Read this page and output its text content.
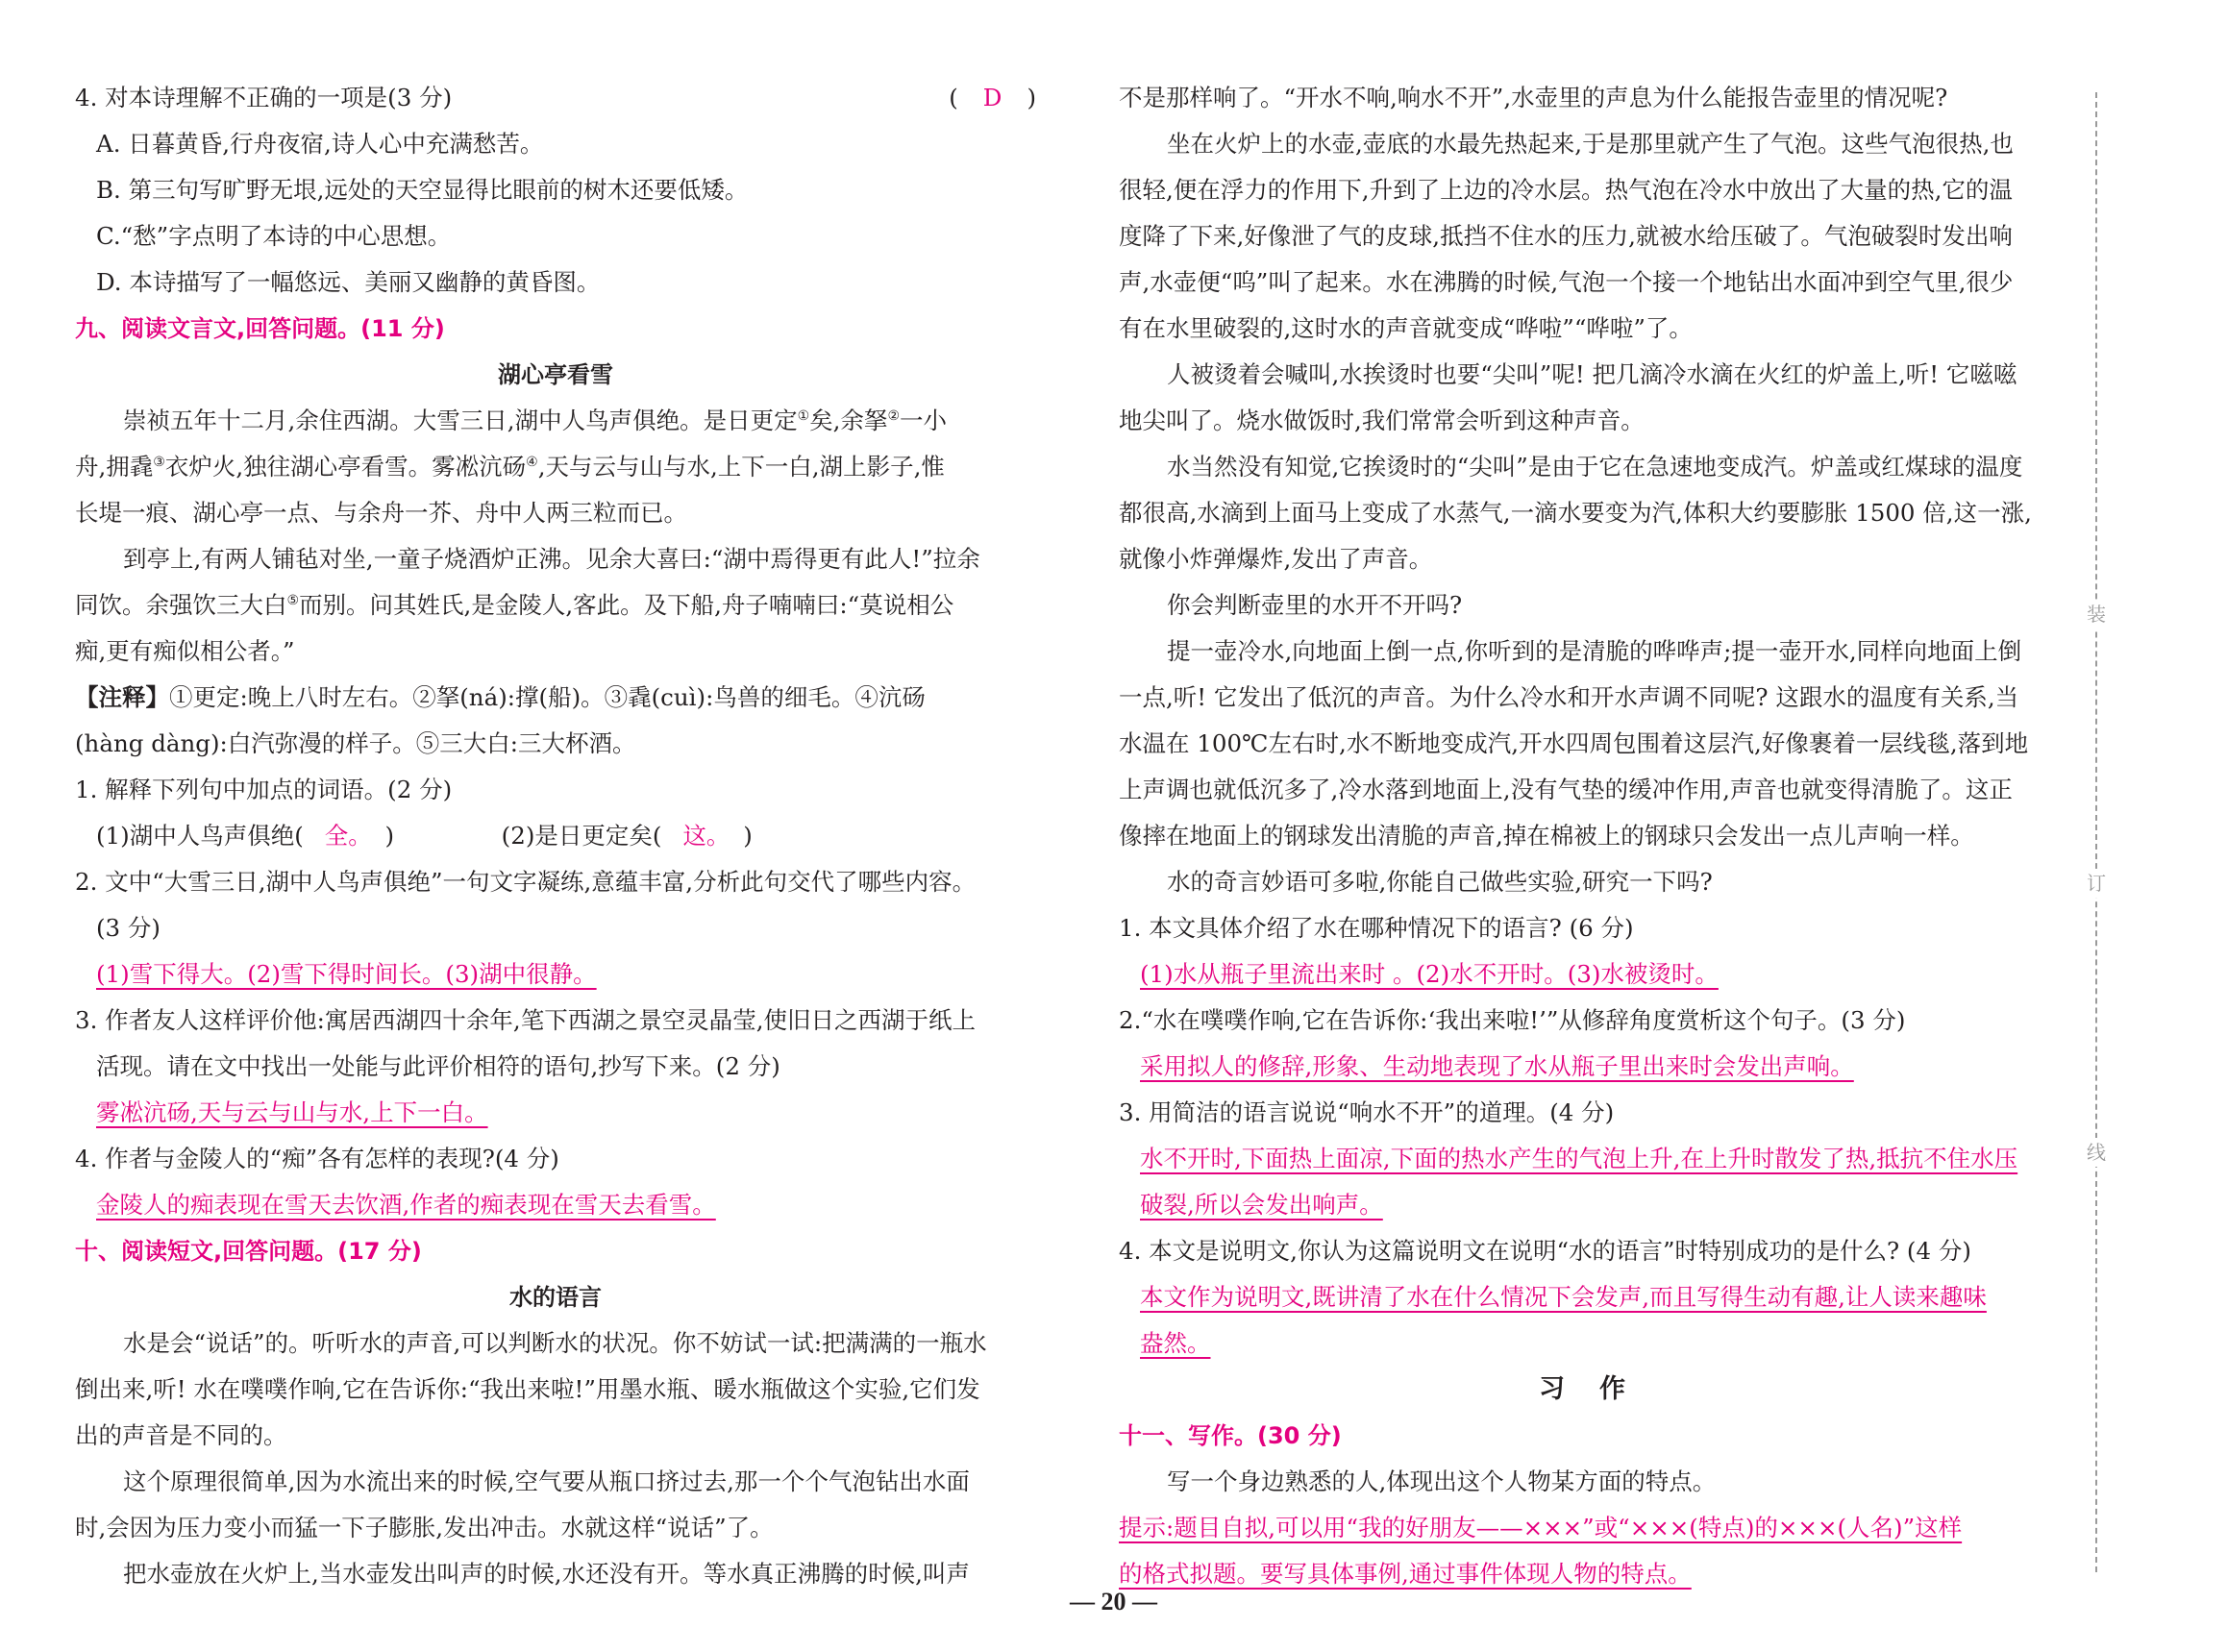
4. 对本诗理解不正确的一项是(3 分)	( D )
A. 日暮黄昏,行舟夜宿,诗人心中充满愁苦。
B. 第三句写旷野无垠,远处的天空显得比眼前的树木还要低矮。
C.“愁”字点明了本诗的中心思想。
D. 本诗描写了一幅悠远、美丽又幽静的黄昏图。
九、阅读文言文,回答问题。(11 分)
湖心亭看雪
崇祯五年十二月,余住西湖。大雪三日,湖中人鸟声俱绝。是日更定①矣,余拏②一小
舟,拥毳③衣炉火,独往湖心亭看雪。雾凇沆砀④,天与云与山与水,上下一白,湖上影子,惟
长堤一痕、湖心亭一点、与余舟一芥、舟中人两三粒而已。
到亭上,有两人铺毡对坐,一童子烧酒炉正沸。见余大喜曰:“湖中焉得更有此人!”拉余
同饮。余强饮三大白⑤而别。问其姓氏,是金陵人,客此。及下船,舟子喃喃曰:“莫说相公
痴,更有痴似相公者。”
【注释】①更定:晚上八时左右。②拏(ná):撑(船)。③毳(cuì):鸟兽的细毛。④沆砀
(hàng dàng):白汽弥漫的样子。⑤三大白:三大杯酒。
1. 解释下列句中加点的词语。(2 分)
(1)湖中人鸟声俱绝( 全。 )	(2)是日更定矣( 这。 )
2. 文中“大雪三日,湖中人鸟声俱绝”一句文字凝练,意蕴丰富,分析此句交代了哪些内容。
(3 分)
(1)雪下得大。(2)雪下得时间长。(3)湖中很静。
3. 作者友人这样评价他:寓居西湖四十余年,笔下西湖之景空灵晶莹,使旧日之西湖于纸上
活现。请在文中找出一处能与此评价相符的语句,抄写下来。(2 分)
雾凇沆砀,天与云与山与水,上下一白。
4. 作者与金陵人的“痴”各有怎样的表现?(4 分)
金陵人的痴表现在雪天去饮酒,作者的痴表现在雪天去看雪。
十、阅读短文,回答问题。(17 分)
水的语言
水是会“说话”的。听听水的声音,可以判断水的状况。你不妨试一试:把满满的一瓶水
倒出来,听! 水在噗噗作响,它在告诉你:“我出来啦!”用墨水瓶、暖水瓶做这个实验,它们发
出的声音是不同的。
这个原理很简单,因为水流出来的时候,空气要从瓶口挤过去,那一个个气泡钻出水面
时,会因为压力变小而猛一下子膨胀,发出冲击。水就这样“说话”了。
把水壶放在火炉上,当水壶发出叫声的时候,水还没有开。等水真正沸腾的时候,叫声
不是那样响了。“开水不响,响水不开”,水壶里的声息为什么能报告壶里的情况呢?
坐在火炉上的水壶,壶底的水最先热起来,于是那里就产生了气泡。这些气泡很热,也
很轻,便在浮力的作用下,升到了上边的冷水层。热气泡在冷水中放出了大量的热,它的温
度降了下来,好像泄了气的皮球,抵挡不住水的压力,就被水给压破了。气泡破裂时发出响
声,水壶便“呜”叫了起来。水在沸腾的时候,气泡一个接一个地钻出水面冲到空气里,很少
有在水里破裂的,这时水的声音就变成“哗啦”“哗啦”了。
人被烫着会喊叫,水挨烫时也要“尖叫”呢! 把几滴冷水滴在火红的炉盖上,听! 它嗞嗞
地尖叫了。烧水做饭时,我们常常会听到这种声音。
水当然没有知觉,它挨烫时的“尖叫”是由于它在急速地变成汽。炉盖或红煤球的温度
都很高,水滴到上面马上变成了水蒸气,一滴水要变为汽,体积大约要膨胀 1500 倍,这一涨,
就像小炸弹爆炸,发出了声音。
你会判断壶里的水开不开吗?
提一壶冷水,向地面上倒一点,你听到的是清脆的哗哗声;提一壶开水,同样向地面上倒
一点,听! 它发出了低沉的声音。为什么冷水和开水声调不同呢? 这跟水的温度有关系,当
水温在 100℃左右时,水不断地变成汽,开水四周包围着这层汽,好像裹着一层线毯,落到地
上声调也就低沉多了,冷水落到地面上,没有气垫的缓冲作用,声音也就变得清脆了。这正
像摔在地面上的钢球发出清脆的声音,掉在棉被上的钢球只会发出一点儿声响一样。
水的奇言妙语可多啦,你能自己做些实验,研究一下吗?
1. 本文具体介绍了水在哪种情况下的语言? (6 分)
(1)水从瓶子里流出来时 。(2)水不开时。(3)水被烫时。
2.“水在噗噗作响,它在告诉你:‘我出来啦!’”从修辞角度赏析这个句子。(3 分)
采用拟人的修辞,形象、生动地表现了水从瓶子里出来时会发出声响。
3. 用简洁的语言说说“响水不开”的道理。(4 分)
水不开时,下面热上面凉,下面的热水产生的气泡上升,在上升时散发了热,抵抗不住水压
破裂,所以会发出响声。
4. 本文是说明文,你认为这篇说明文在说明“水的语言”时特别成功的是什么? (4 分)
本文作为说明文,既讲清了水在什么情况下会发声,而且写得生动有趣,让人读来趣味
盎然。
习作
十一、写作。(30 分)
写一个身边熟悉的人,体现出这个人物某方面的特点。
提示:题目自拟,可以用“我的好朋友——×××”或“×××(特点)的×××(人名)”这样
的格式拟题。要写具体事例,通过事件体现人物的特点。
装
订
线
— 20 —
